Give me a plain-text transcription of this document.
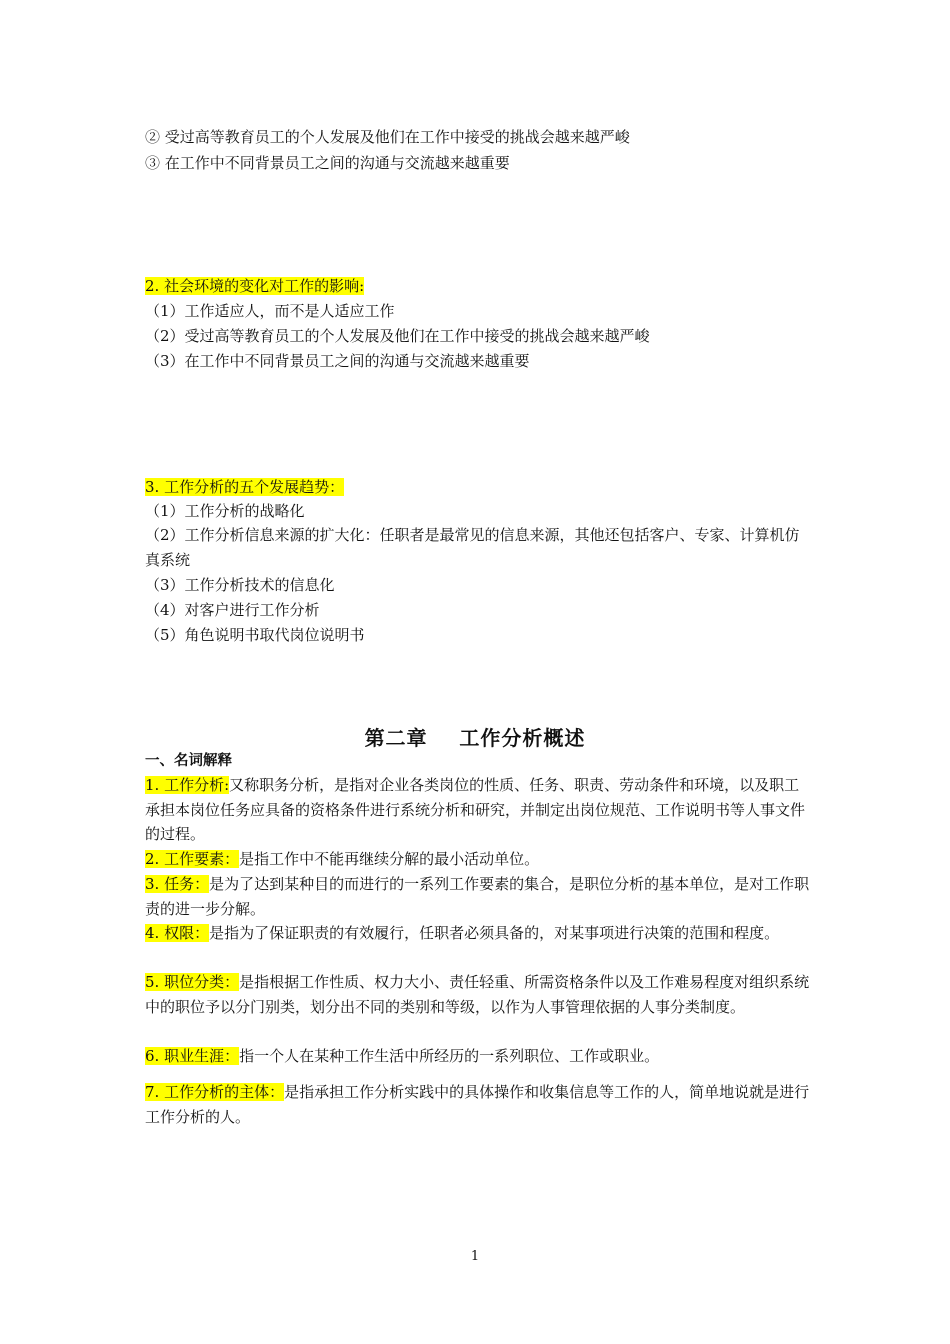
② 受过高等教育员工的个人发展及他们在工作中接受的挑战会越来越严峻
③ 在工作中不同背景员工之间的沟通与交流越来越重要
2. 社会环境的变化对工作的影响:
（1）工作适应人，而不是人适应工作
（2）受过高等教育员工的个人发展及他们在工作中接受的挑战会越来越严峻
（3）在工作中不同背景员工之间的沟通与交流越来越重要
3. 工作分析的五个发展趋势：
（1）工作分析的战略化
（2）工作分析信息来源的扩大化：任职者是最常见的信息来源，其他还包括客户、专家、计算机仿真系统
（3）工作分析技术的信息化
（4）对客户进行工作分析
（5）角色说明书取代岗位说明书
第二章    工作分析概述
一、名词解释
1. 工作分析:又称职务分析，是指对企业各类岗位的性质、任务、职责、劳动条件和环境，以及职工承担本岗位任务应具备的资格条件进行系统分析和研究，并制定出岗位规范、工作说明书等人事文件的过程。
2. 工作要素：是指工作中不能再继续分解的最小活动单位。
3. 任务：是为了达到某种目的而进行的一系列工作要素的集合，是职位分析的基本单位，是对工作职责的进一步分解。
4. 权限：是指为了保证职责的有效履行，任职者必须具备的，对某事项进行决策的范围和程度。
5. 职位分类：是指根据工作性质、权力大小、责任轻重、所需资格条件以及工作难易程度对组织系统中的职位予以分门别类，划分出不同的类别和等级，以作为人事管理依据的人事分类制度。
6. 职业生涯：指一个人在某种工作生活中所经历的一系列职位、工作或职业。
7. 工作分析的主体：是指承担工作分析实践中的具体操作和收集信息等工作的人，简单地说就是进行工作分析的人。
1
